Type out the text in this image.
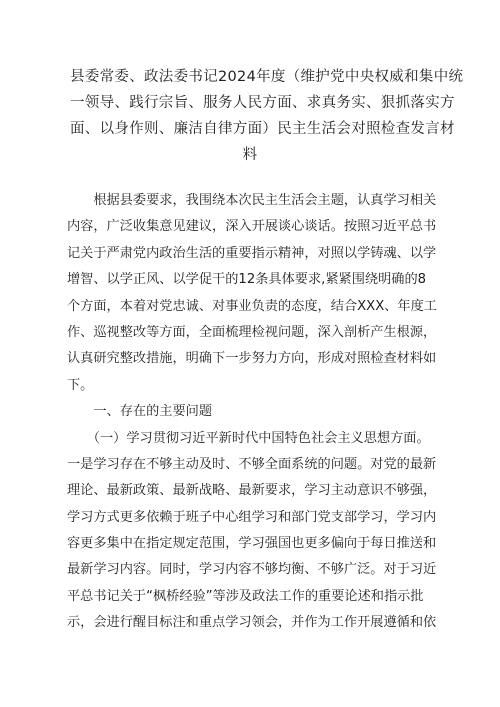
县委常委、政法委书记2024年度（维护党中央权威和集中统
一领导、践行宗旨、服务人民方面、求真务实、狠抓落实方
面、以身作则、廉洁自律方面）民主生活会对照检查发言材
料
　　根据县委要求，我围绕本次民主生活会主题，认真学习相关
内容，广泛收集意见建议，深入开展谈心谈话。按照习近平总书
记关于严肃党内政治生活的重要指示精神，对照以学铸魂、以学
增智、以学正风、以学促干的12条具体要求,紧紧围绕明确的8
个方面，本着对党忠诚、对事业负责的态度，结合XXX、年度工
作、巡视整改等方面，全面梳理检视问题，深入剖析产生根源，
认真研究整改措施，明确下一步努力方向，形成对照检查材料如
下。
　　一、存在的主要问题
　　（一）学习贯彻习近平新时代中国特色社会主义思想方面。
一是学习存在不够主动及时、不够全面系统的问题。对党的最新
理论、最新政策、最新战略、最新要求，学习主动意识不够强，
学习方式更多依赖于班子中心组学习和部门党支部学习，学习内
容更多集中在指定规定范围，学习强国也更多偏向于每日推送和
最新学习内容。同时，学习内容不够均衡、不够广泛。对于习近
平总书记关于“枫桥经验”等涉及政法工作的重要论述和指示批
示，会进行醒目标注和重点学习领会，并作为工作开展遵循和依
